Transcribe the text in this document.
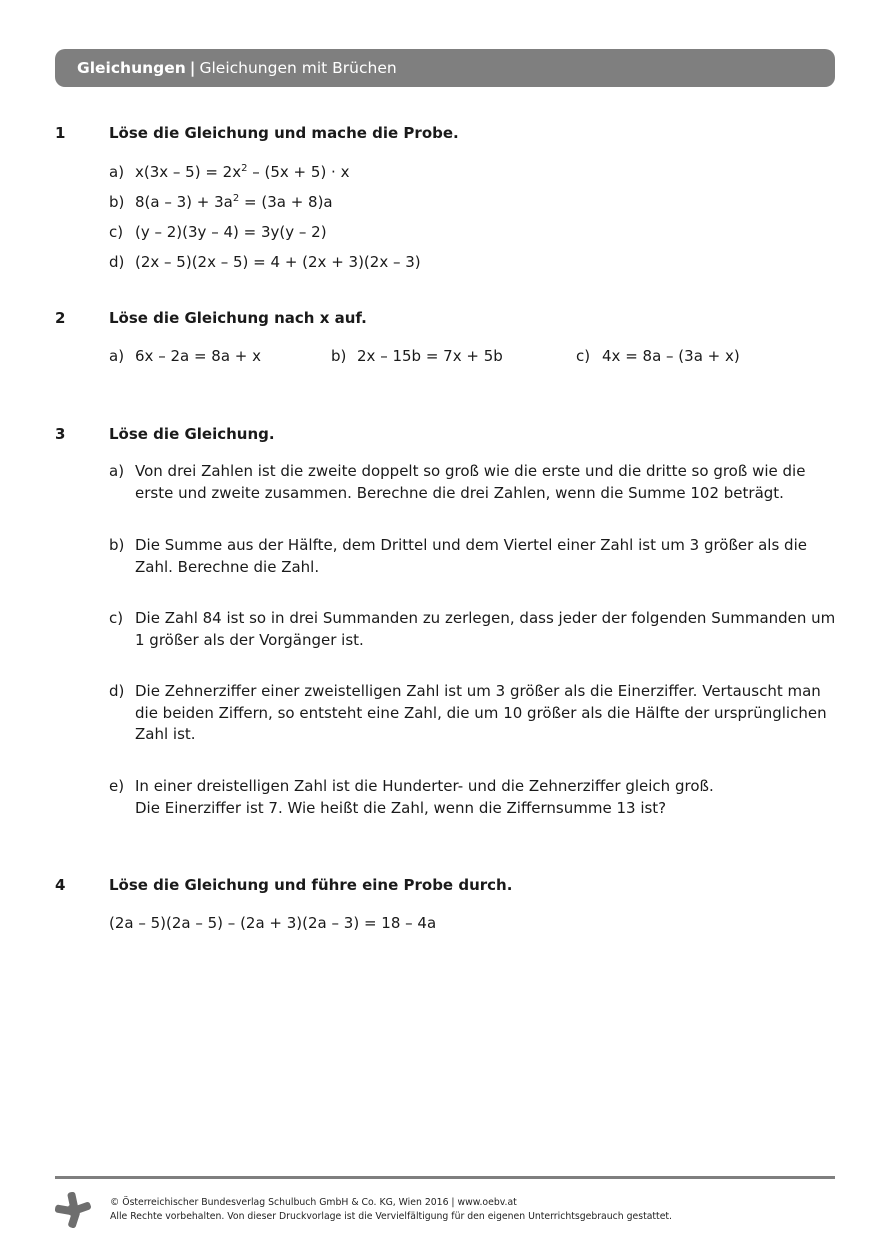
Gleichungen | Gleichungen mit Brüchen
1	Löse die Gleichung und mache die Probe.
a) $x(3x - 5) = 2x^2 - (5x + 5) \cdot x$
b) $8(a - 3) + 3a^2 = (3a + 8)a$
c) (y – 2)(3y – 4) = 3y(y – 2)
d) (2x – 5)(2x – 5) = 4 + (2x + 3)(2x – 3)
2	Löse die Gleichung nach x auf.
a) 6x – 2a = 8a + x	b) 2x – 15b = 7x + 5b	c) 4x = 8a – (3a + x)
3	Löse die Gleichung.
a) Von drei Zahlen ist die zweite doppelt so groß wie die erste und die dritte so groß wie die erste und zweite zusammen. Berechne die drei Zahlen, wenn die Summe 102 beträgt.
b) Die Summe aus der Hälfte, dem Drittel und dem Viertel einer Zahl ist um 3 größer als die Zahl. Berechne die Zahl.
c) Die Zahl 84 ist so in drei Summanden zu zerlegen, dass jeder der folgenden Summanden um 1 größer als der Vorgänger ist.
d) Die Zehnerziffer einer zweistelligen Zahl ist um 3 größer als die Einerziffer. Vertauscht man die beiden Ziffern, so entsteht eine Zahl, die um 10 größer als die Hälfte der ursprünglichen Zahl ist.
e) In einer dreistelligen Zahl ist die Hunderter- und die Zehnerziffer gleich groß.
Die Einerziffer ist 7. Wie heißt die Zahl, wenn die Ziffernsumme 13 ist?
4	Löse die Gleichung und führe eine Probe durch.
(2a – 5)(2a – 5) – (2a + 3)(2a – 3) = 18 – 4a
© Österreichischer Bundesverlag Schulbuch GmbH & Co. KG, Wien 2016 | www.oebv.at
Alle Rechte vorbehalten. Von dieser Druckvorlage ist die Vervielfältigung für den eigenen Unterrichtsgebrauch gestattet.
